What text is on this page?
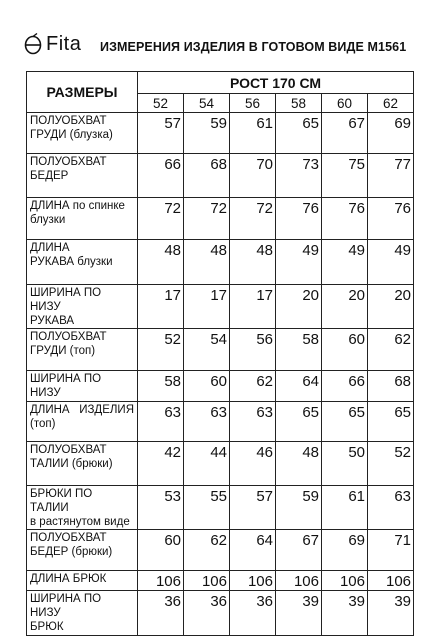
Fita ИЗМЕРЕНИЯ ИЗДЕЛИЯ В ГОТОВОМ ВИДЕ М1561
РАЗМЕРЫ	РОСТ 170 СМ					
	52	54	56	58	60	62

ПОЛУОБХВАТ
ГРУДИ (блузка)	57	59	61	65	67	69

ПОЛУОБХВАТ
БЕДЕР	66	68	70	73	75	77

ДЛИНА по спинке
блузки	72	72	72	76	76	76

ДЛИНА
РУКАВА блузки	48	48	48	49	49	49

ШИРИНА ПО НИЗУ
РУКАВА	17	17	17	20	20	20

ПОЛУОБХВАТ
ГРУДИ (топ)	52	54	56	58	60	62

ШИРИНА ПО НИЗУ	58	60	62	64	66	68

ДЛИНА ИЗДЕЛИЯ
(топ)	63	63	63	65	65	65

ПОЛУОБХВАТ
ТАЛИИ (брюки)	42	44	46	48	50	52

БРЮКИ ПО ТАЛИИ
в растянутом виде	53	55	57	59	61	63

ПОЛУОБХВАТ
БЕДЕР (брюки)	60	62	64	67	69	71

ДЛИНА БРЮК	106	106	106	106	106	106

ШИРИНА ПО НИЗУ
БРЮК	36	36	36	39	39	39
